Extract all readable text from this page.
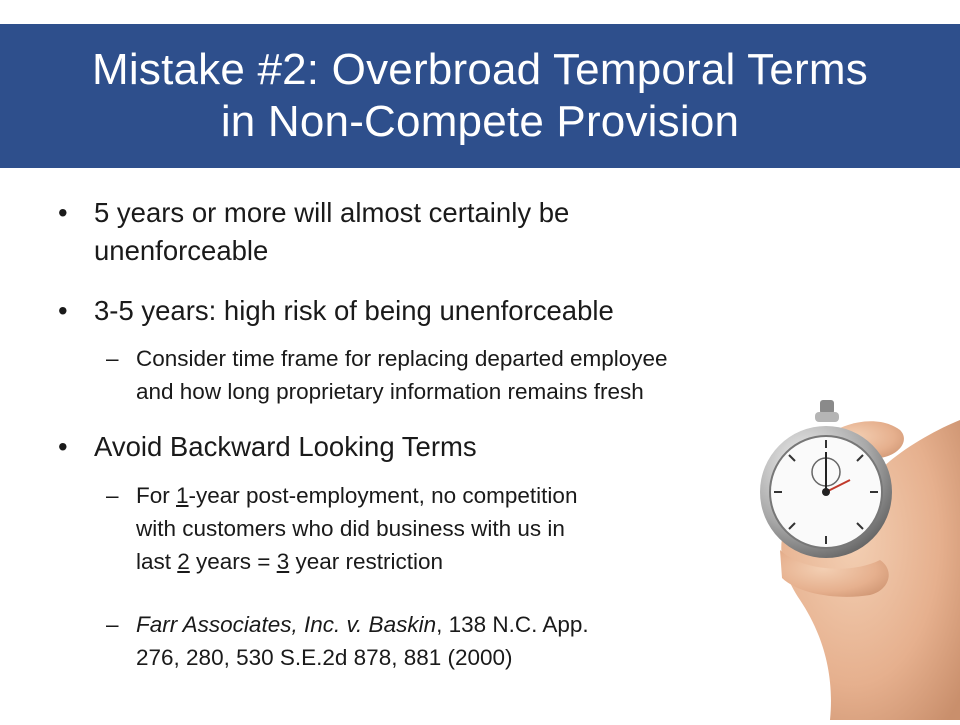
Mistake #2: Overbroad Temporal Terms
in Non-Compete Provision
• 5 years or more will almost certainly be
unenforceable
• 3-5 years: high risk of being unenforceable
– Consider time frame for replacing departed employee
and how long proprietary information remains fresh
• Avoid Backward Looking Terms
– For 1-year post-employment, no competition
with customers who did business with us in
last 2 years = 3 year restriction
– Farr Associates, Inc. v. Baskin, 138 N.C. App.
276, 280, 530 S.E.2d 878, 881 (2000)
